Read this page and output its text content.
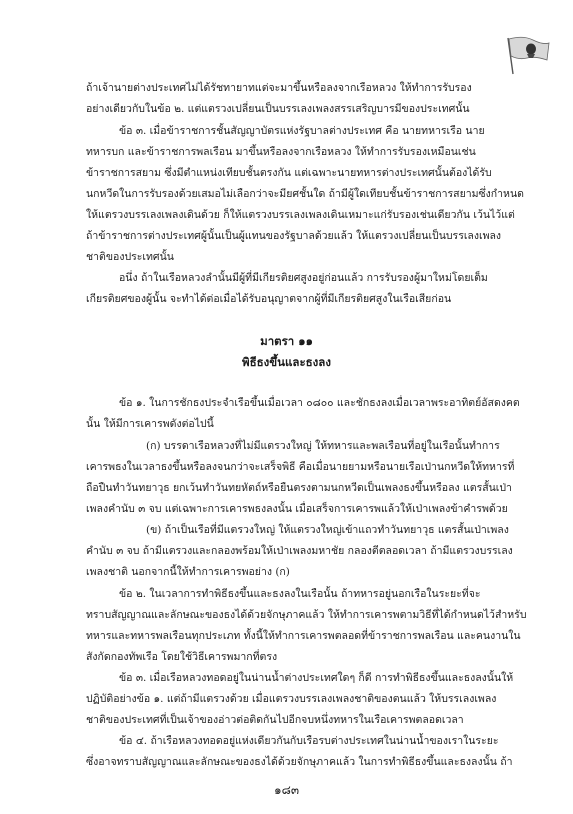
ถ้าเจ้านายต่างประเทศไม่ได้รัชทายาทแต่จะมาขึ้นหรือลงจากเรือหลวง ให้ทำการรับรอง
อย่างเดียวกับในข้อ ๒. แต่แตรวงเปลี่ยนเป็นบรรเลงเพลงสรรเสริญบารมีของประเทศนั้น
ข้อ ๓. เมื่อข้าราชการชั้นสัญญาบัตรแห่งรัฐบาลต่างประเทศ คือ นายทหารเรือ นาย
ทหารบก และข้าราชการพลเรือน มาขึ้นหรือลงจากเรือหลวง ให้ทำการรับรองเหมือนเช่น
ข้าราชการสยาม ซึ่งมีตำแหน่งเทียบชั้นตรงกัน แต่เฉพาะนายทหารต่างประเทศนั้นต้องได้รับ
นกหวีดในการรับรองด้วยเสมอไม่เลือกว่าจะมียศชั้นใด ถ้ามีผู้ใดเทียบชั้นข้าราชการสยามซึ่งกำหนด
ให้แตรวงบรรเลงเพลงเดินด้วย ก็ให้แตรวงบรรเลงเพลงเดินเหมาะแก่รับรองเช่นเดียวกัน เว้นไว้แต่
ถ้าข้าราชการต่างประเทศผู้นั้นเป็นผู้แทนของรัฐบาลด้วยแล้ว ให้แตรวงเปลี่ยนเป็นบรรเลงเพลง
ชาติของประเทศนั้น
อนึ่ง ถ้าในเรือหลวงลำนั้นมีผู้ที่มีเกียรติยศสูงอยู่ก่อนแล้ว การรับรองผู้มาใหม่โดยเต็ม
เกียรติยศของผู้นั้น จะทำได้ต่อเมื่อได้รับอนุญาตจากผู้ที่มีเกียรติยศสูงในเรือเสียก่อน
มาตรา ๑๑
พิธีธงขึ้นและธงลง
ข้อ ๑. ในการชักธงประจำเรือขึ้นเมื่อเวลา ๐๘๐๐ และชักธงลงเมื่อเวลาพระอาทิตย์อัสดงคต
นั้น ให้มีการเคารพดังต่อไปนี้
(ก) บรรดาเรือหลวงที่ไม่มีแตรวงใหญ่ ให้ทหารและพลเรือนที่อยู่ในเรือนั้นทำการ
เคารพธงในเวลาธงขึ้นหรือลงจนกว่าจะเสร็จพิธี คือเมื่อนายยามหรือนายเรือเป่านกหวีดให้ทหารที่
ถือปืนทำวันทยาวุธ ยกเว้นทำวันทยหัตถ์หรือยืนตรงตามนกหวีดเป็นเพลงธงขึ้นหรือลง แตรสั้นเป่า
เพลงคำนับ ๓ จบ แต่เฉพาะการเคารพธงลงนั้น เมื่อเสร็จการเคารพแล้วให้เป่าเพลงข้าคำรพด้วย
(ข) ถ้าเป็นเรือที่มีแตรวงใหญ่ ให้แตรวงใหญ่เข้าแถวทำวันทยาวุธ แตรสั้นเป่าเพลง
คำนับ ๓ จบ ถ้ามีแตรวงและกลองพร้อมให้เป่าเพลงมหาชัย กลองตีตลอดเวลา ถ้ามีแตรวงบรรเลง
เพลงชาติ นอกจากนี้ให้ทำการเคารพอย่าง (ก)
ข้อ ๒. ในเวลาการทำพิธีธงขึ้นและธงลงในเรือนั้น ถ้าทหารอยู่นอกเรือในระยะที่จะ
ทราบสัญญาณและลักษณะของธงได้ด้วยจักษุภาคแล้ว ให้ทำการเคารพตามวิธีที่ได้กำหนดไว้สำหรับ
ทหารและทหารพลเรือนทุกประเภท ทั้งนี้ให้ทำการเคารพตลอดที่ข้าราชการพลเรือน และคนงานใน
สังกัดกองทัพเรือ โดยใช้วิธีเคารพมากที่ตรง
ข้อ ๓. เมื่อเรือหลวงทอดอยู่ในน่านน้ำต่างประเทศใดๆ ก็ดี การทำพิธีธงขึ้นและธงลงนั้นให้
ปฏิบัติอย่างข้อ ๑. แต่ถ้ามีแตรวงด้วย เมื่อแตรวงบรรเลงเพลงชาติของตนแล้ว ให้บรรเลงเพลง
ชาติของประเทศที่เป็นเจ้าของอ่าวต่อติดกันไปอีกจบหนึ่งทหารในเรือเคารพตลอดเวลา
ข้อ ๔. ถ้าเรือหลวงทอดอยู่แห่งเดียวกันกับเรือรบต่างประเทศในน่านน้ำของเราในระยะ
ซึ่งอาจทราบสัญญาณและลักษณะของธงได้ด้วยจักษุภาคแล้ว ในการทำพิธีธงขึ้นและธงลงนั้น ถ้า
๑๘๓
